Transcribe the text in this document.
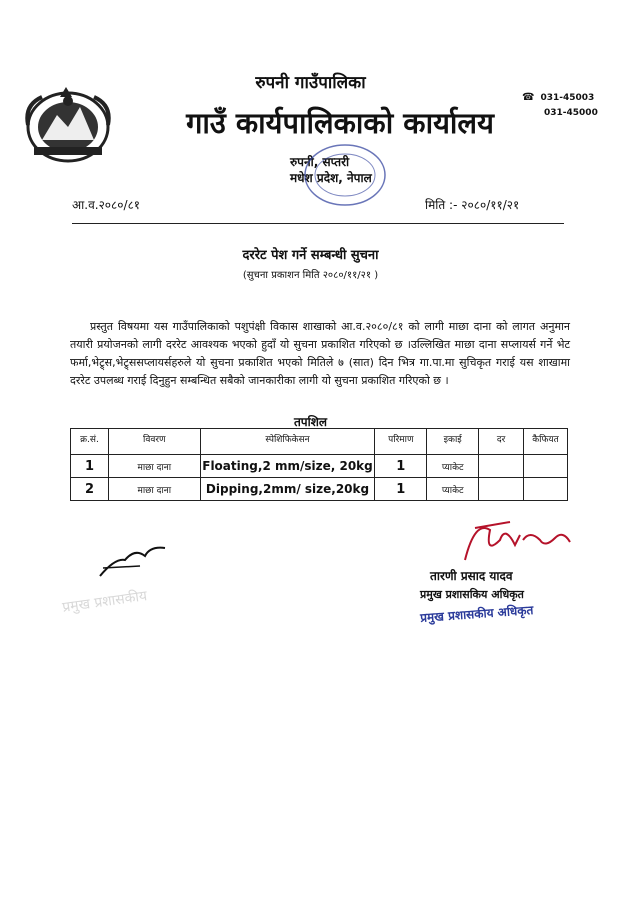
रुपनी गाउँपालिका
गाउँ कार्यपालिकाको कार्यालय
रुपनी, सप्तरी
मधेश प्रदेश, नेपाल
☎ 031-45003
031-45000
आ.व.२०८०/८१	मिति :- २०८०/११/२१
दररेट पेश गर्ने सम्बन्धी सुचना
(सुचना प्रकाशन मिति २०८०/११/२१ )
प्रस्तुत विषयमा यस गाउँपालिकाको पशुपंक्षी विकास शाखाको आ.व.२०८०/८१ को लागी माछा दाना को लागत अनुमान तयारी प्रयोजनको लागी दररेट आवश्यक भएको हुदाँ यो सुचना प्रकाशित गरिएको छ ।उल्लिखित माछा दाना सप्लायर्स गर्ने भेट फर्मा,भेट्र्स,भेट्र्ससप्लायर्सहरुले यो सुचना प्रकाशित भएको मितिले ७ (सात) दिन भित्र गा.पा.मा सुचिकृत गराई यस शाखामा दररेट उपलब्ध गराई दिनुहुन सम्बन्धित सबैको जानकारीका लागी यो सुचना प्रकाशित गरिएको छ ।
तपशिल
क्र.सं.	विवरण	स्पेशिफिकेसन	परिमाण	इकाई	दर	कैफियत
1	माछा दाना	Floating,2 mm/size, 20kg	1	प्याकेट		
2	माछा दाना	Dipping,2mm/ size,20kg	1	प्याकेट		
प्रमुख प्रशासकीय
तारणी प्रसाद यादव
प्रमुख प्रशासकिय अधिकृत
प्रमुख प्रशासकीय अधिकृत
